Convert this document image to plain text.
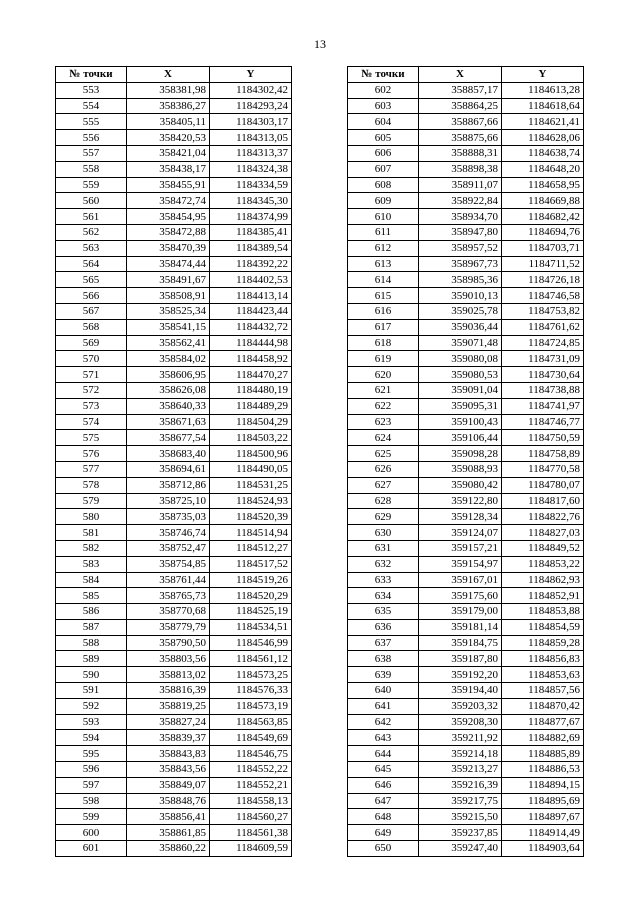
13
№ точки	X	Y
553	358381,98	1184302,42
554	358386,27	1184293,24
555	358405,11	1184303,17
556	358420,53	1184313,05
557	358421,04	1184313,37
558	358438,17	1184324,38
559	358455,91	1184334,59
560	358472,74	1184345,30
561	358454,95	1184374,99
562	358472,88	1184385,41
563	358470,39	1184389,54
564	358474,44	1184392,22
565	358491,67	1184402,53
566	358508,91	1184413,14
567	358525,34	1184423,44
568	358541,15	1184432,72
569	358562,41	1184444,98
570	358584,02	1184458,92
571	358606,95	1184470,27
572	358626,08	1184480,19
573	358640,33	1184489,29
574	358671,63	1184504,29
575	358677,54	1184503,22
576	358683,40	1184500,96
577	358694,61	1184490,05
578	358712,86	1184531,25
579	358725,10	1184524,93
580	358735,03	1184520,39
581	358746,74	1184514,94
582	358752,47	1184512,27
583	358754,85	1184517,52
584	358761,44	1184519,26
585	358765,73	1184520,29
586	358770,68	1184525,19
587	358779,79	1184534,51
588	358790,50	1184546,99
589	358803,56	1184561,12
590	358813,02	1184573,25
591	358816,39	1184576,33
592	358819,25	1184573,19
593	358827,24	1184563,85
594	358839,37	1184549,69
595	358843,83	1184546,75
596	358843,56	1184552,22
597	358849,07	1184552,21
598	358848,76	1184558,13
599	358856,41	1184560,27
600	358861,85	1184561,38
601	358860,22	1184609,59
№ точки	X	Y
602	358857,17	1184613,28
603	358864,25	1184618,64
604	358867,66	1184621,41
605	358875,66	1184628,06
606	358888,31	1184638,74
607	358898,38	1184648,20
608	358911,07	1184658,95
609	358922,84	1184669,88
610	358934,70	1184682,42
611	358947,80	1184694,76
612	358957,52	1184703,71
613	358967,73	1184711,52
614	358985,36	1184726,18
615	359010,13	1184746,58
616	359025,78	1184753,82
617	359036,44	1184761,62
618	359071,48	1184724,85
619	359080,08	1184731,09
620	359080,53	1184730,64
621	359091,04	1184738,88
622	359095,31	1184741,97
623	359100,43	1184746,77
624	359106,44	1184750,59
625	359098,28	1184758,89
626	359088,93	1184770,58
627	359080,42	1184780,07
628	359122,80	1184817,60
629	359128,34	1184822,76
630	359124,07	1184827,03
631	359157,21	1184849,52
632	359154,97	1184853,22
633	359167,01	1184862,93
634	359175,60	1184852,91
635	359179,00	1184853,88
636	359181,14	1184854,59
637	359184,75	1184859,28
638	359187,80	1184856,83
639	359192,20	1184853,63
640	359194,40	1184857,56
641	359203,32	1184870,42
642	359208,30	1184877,67
643	359211,92	1184882,69
644	359214,18	1184885,89
645	359213,27	1184886,53
646	359216,39	1184894,15
647	359217,75	1184895,69
648	359215,50	1184897,67
649	359237,85	1184914,49
650	359247,40	1184903,64
